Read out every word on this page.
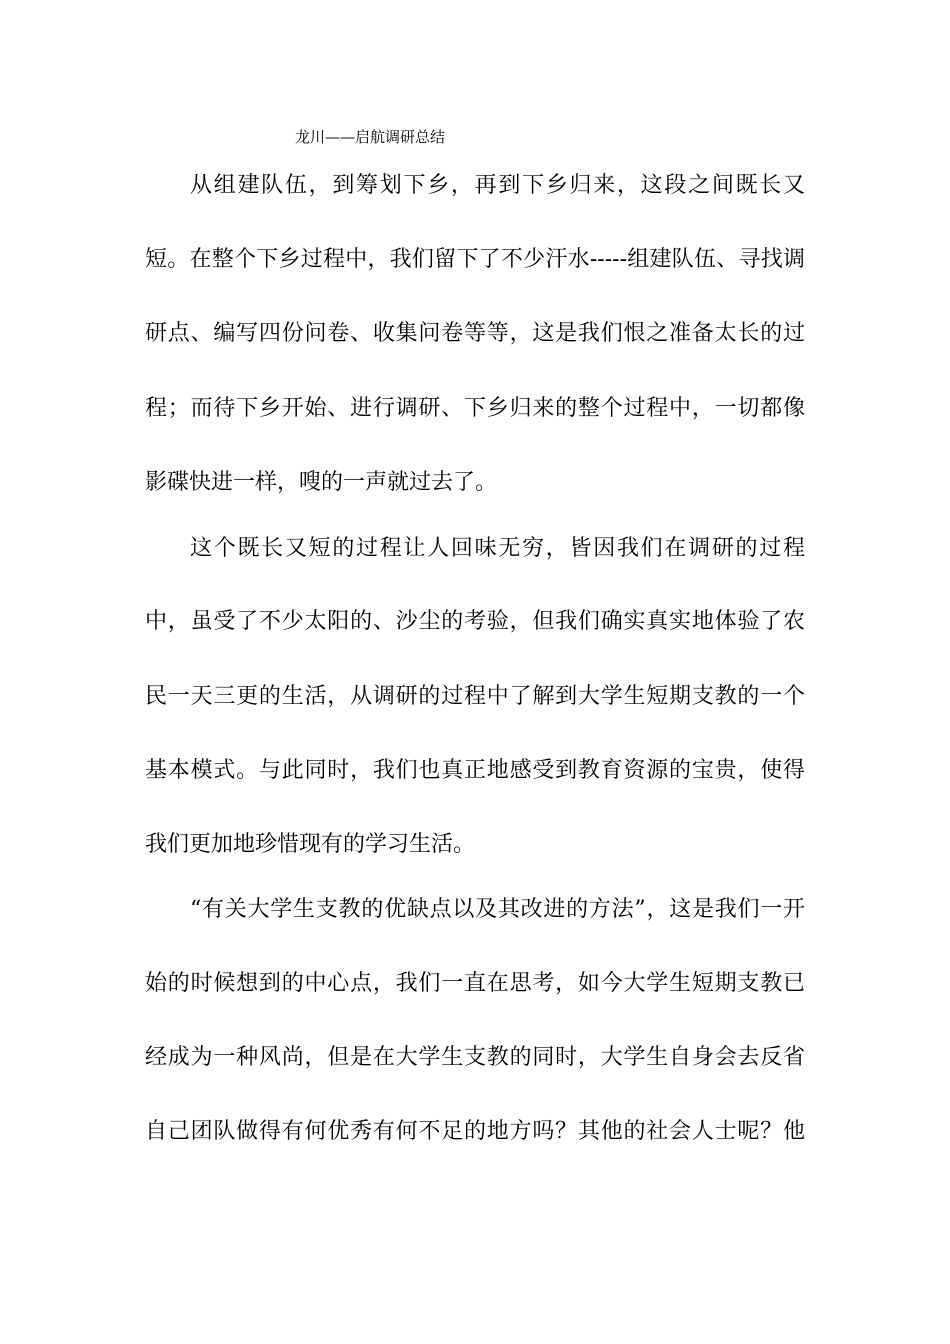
龙川——启航调研总结
从组建队伍，到筹划下乡，再到下乡归来，这段之间既长又
短。在整个下乡过程中，我们留下了不少汗水-----组建队伍、寻找调
研点、编写四份问卷、收集问卷等等，这是我们恨之准备太长的过
程；而待下乡开始、进行调研、下乡归来的整个过程中，一切都像
影碟快进一样，嗖的一声就过去了。
这个既长又短的过程让人回味无穷，皆因我们在调研的过程
中，虽受了不少太阳的、沙尘的考验，但我们确实真实地体验了农
民一天三更的生活，从调研的过程中了解到大学生短期支教的一个
基本模式。与此同时，我们也真正地感受到教育资源的宝贵，使得
我们更加地珍惜现有的学习生活。
“有关大学生支教的优缺点以及其改进的方法”，这是我们一开
始的时候想到的中心点，我们一直在思考，如今大学生短期支教已
经成为一种风尚，但是在大学生支教的同时，大学生自身会去反省
自己团队做得有何优秀有何不足的地方吗？其他的社会人士呢？他
